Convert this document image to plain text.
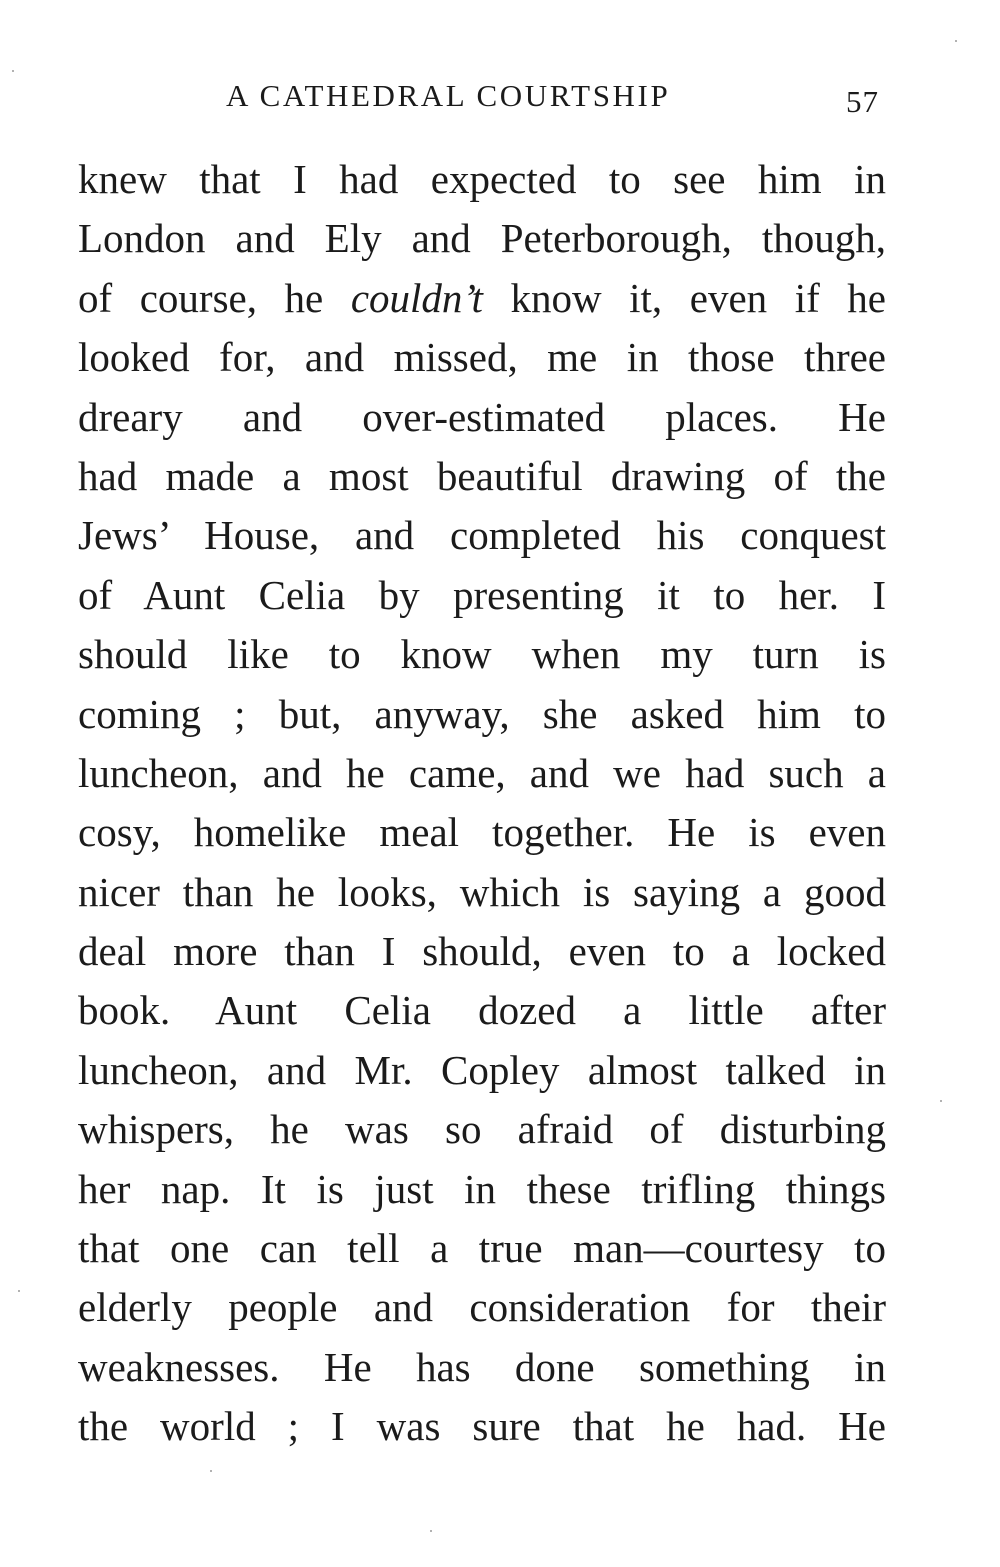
A CATHEDRAL COURTSHIP	57
knew that I had expected to see him in
London and Ely and Peterborough, though,
of course, he couldn’t know it, even if he
looked for, and missed, me in those three
dreary and over-estimated places. He
had made a most beautiful drawing of the
Jews’ House, and completed his conquest
of Aunt Celia by presenting it to her. I
should like to know when my turn is
coming ; but, anyway, she asked him to
luncheon, and he came, and we had such a
cosy, homelike meal together. He is even
nicer than he looks, which is saying a good
deal more than I should, even to a locked
book. Aunt Celia dozed a little after
luncheon, and Mr. Copley almost talked in
whispers, he was so afraid of disturbing
her nap. It is just in these trifling things
that one can tell a true man—courtesy to
elderly people and consideration for their
weaknesses. He has done something in
the world ; I was sure that he had. He
